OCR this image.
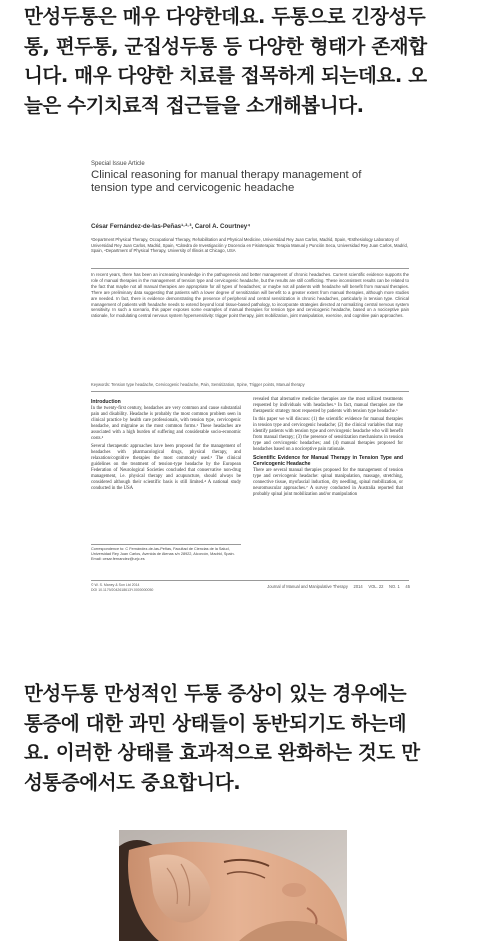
만성두통은 매우 다양한데요. 두통으로 긴장성두
통, 편두통, 군집성두통 등 다양한 형태가 존재합
니다. 매우 다양한 치료를 접목하게 되는데요. 오
늘은 수기치료적 접근들을 소개해봅니다.
Special Issue Article
Clinical reasoning for manual therapy management of tension type and cervicogenic headache
César Fernández-de-las-Peñas¹·²·³, Carol A. Courtney⁴
¹Department Physical Therapy, Occupational Therapy, Rehabilitation and Physical Medicine, Universidad Rey Juan Carlos, Madrid, Spain, ²Esthesiology Laboratory of Universidad Rey Juan Carlos, Madrid, Spain, ³Cátedra de Investigación y Docencia en Fisioterapia: Terapia Manual y Punción Seca, Universidad Rey Juan Carlos, Madrid, Spain, ⁴Department of Physical Therapy, University of Illinois at Chicago, USA
In recent years, there has been an increasing knowledge in the pathogenesis and better management of chronic headaches. Current scientific evidence supports the role of manual therapies in the management of tension type and cervicogenic headache, but the results are still conflicting. These inconsistent results can be related to the fact that maybe not all manual therapies are appropriate for all types of headaches; or maybe not all patients with headache will benefit from manual therapies. There are preliminary data suggesting that patients with a lower degree of sensitization will benefit to a greater extent from manual therapies, although more studies are needed. In fact, there is evidence demonstrating the presence of peripheral and central sensitization in chronic headaches, particularly in tension type. Clinical management of patients with headache needs to extend beyond local tissue-based pathology, to incorporate strategies directed at normalizing central nervous system sensitivity. In such a scenario, this paper exposes some examples of manual therapies for tension type and cervicogenic headache, based on a nociceptive pain rationale, for modulating central nervous system hypersensitivity: trigger point therapy, joint mobilization, joint manipulation, exercise, and cognitive pain approaches.
Keywords: Tension type headache, Cervicogenic headache, Pain, Sensitization, Spine, Trigger points, Manual therapy
Introduction

In the twenty-first century, headaches are very common and cause substantial pain and disability. Headache is probably the most common problem seen in clinical practice by health care professionals, with tension type, cervicogenic headache, and migraine as the most common forms.¹ These headaches are associated with a high burden of suffering and considerable socio-economic costs.²

Several therapeutic approaches have been proposed for the management of headaches with pharmacological drugs, physical therapy, and relaxation/cognitive therapies the most commonly used.³ The clinical guidelines on the treatment of tension-type headache by the European Federation of Neurological Societies concluded that conservative non-drug management, i.e. physical therapy and acupuncture, should always be considered although their scientific basis is still limited.⁴ A national study conducted in the USA

revealed that alternative medicine therapies are the most utilized treatments requested by individuals with headaches.⁵ In fact, manual therapies are the therapeutic strategy most requested by patients with tension type headache.⁶

In this paper we will discuss: (1) the scientific evidence for manual therapies in tension type and cervicogenic headache; (2) the clinical variables that may identify patients with tension type and cervicogenic headache who will benefit from manual therapy; (3) the presence of sensitization mechanisms in tension type and cervicogenic headaches; and (4) manual therapies proposed for headaches based on a nociceptive pain rationale.

Scientific Evidence for Manual Therapy in Tension Type and Cervicogenic Headache

There are several manual therapies proposed for the management of tension type and cervicogenic headache: spinal manipulation, massage, stretching, connective tissue, myofascial induction, dry needling, spinal mobilization, or neuromuscular approaches.⁷ A survey conducted in Australia reported that probably spinal joint mobilization and/or manipulation

Correspondence to: C Fernández-de-las-Peñas, Facultad de Ciencias de la Salud, Universidad Rey Juan Carlos, Avenida de Atenas s/n 28922, Alcorcón, Madrid, Spain. Email: cesar.fernandez@urjc.es
© W. S. Maney & Son Ltd 2014
DOI 10.1179/2042618613Y.0000000050
Journal of Manual and Manipulative Therapy     2014     VOL. 22     NO. 1     45
만성두통 만성적인 두통 증상이 있는 경우에는
통증에 대한 과민 상태들이 동반되기도 하는데
요. 이러한 상태를 효과적으로 완화하는 것도 만
성통증에서도 중요합니다.
